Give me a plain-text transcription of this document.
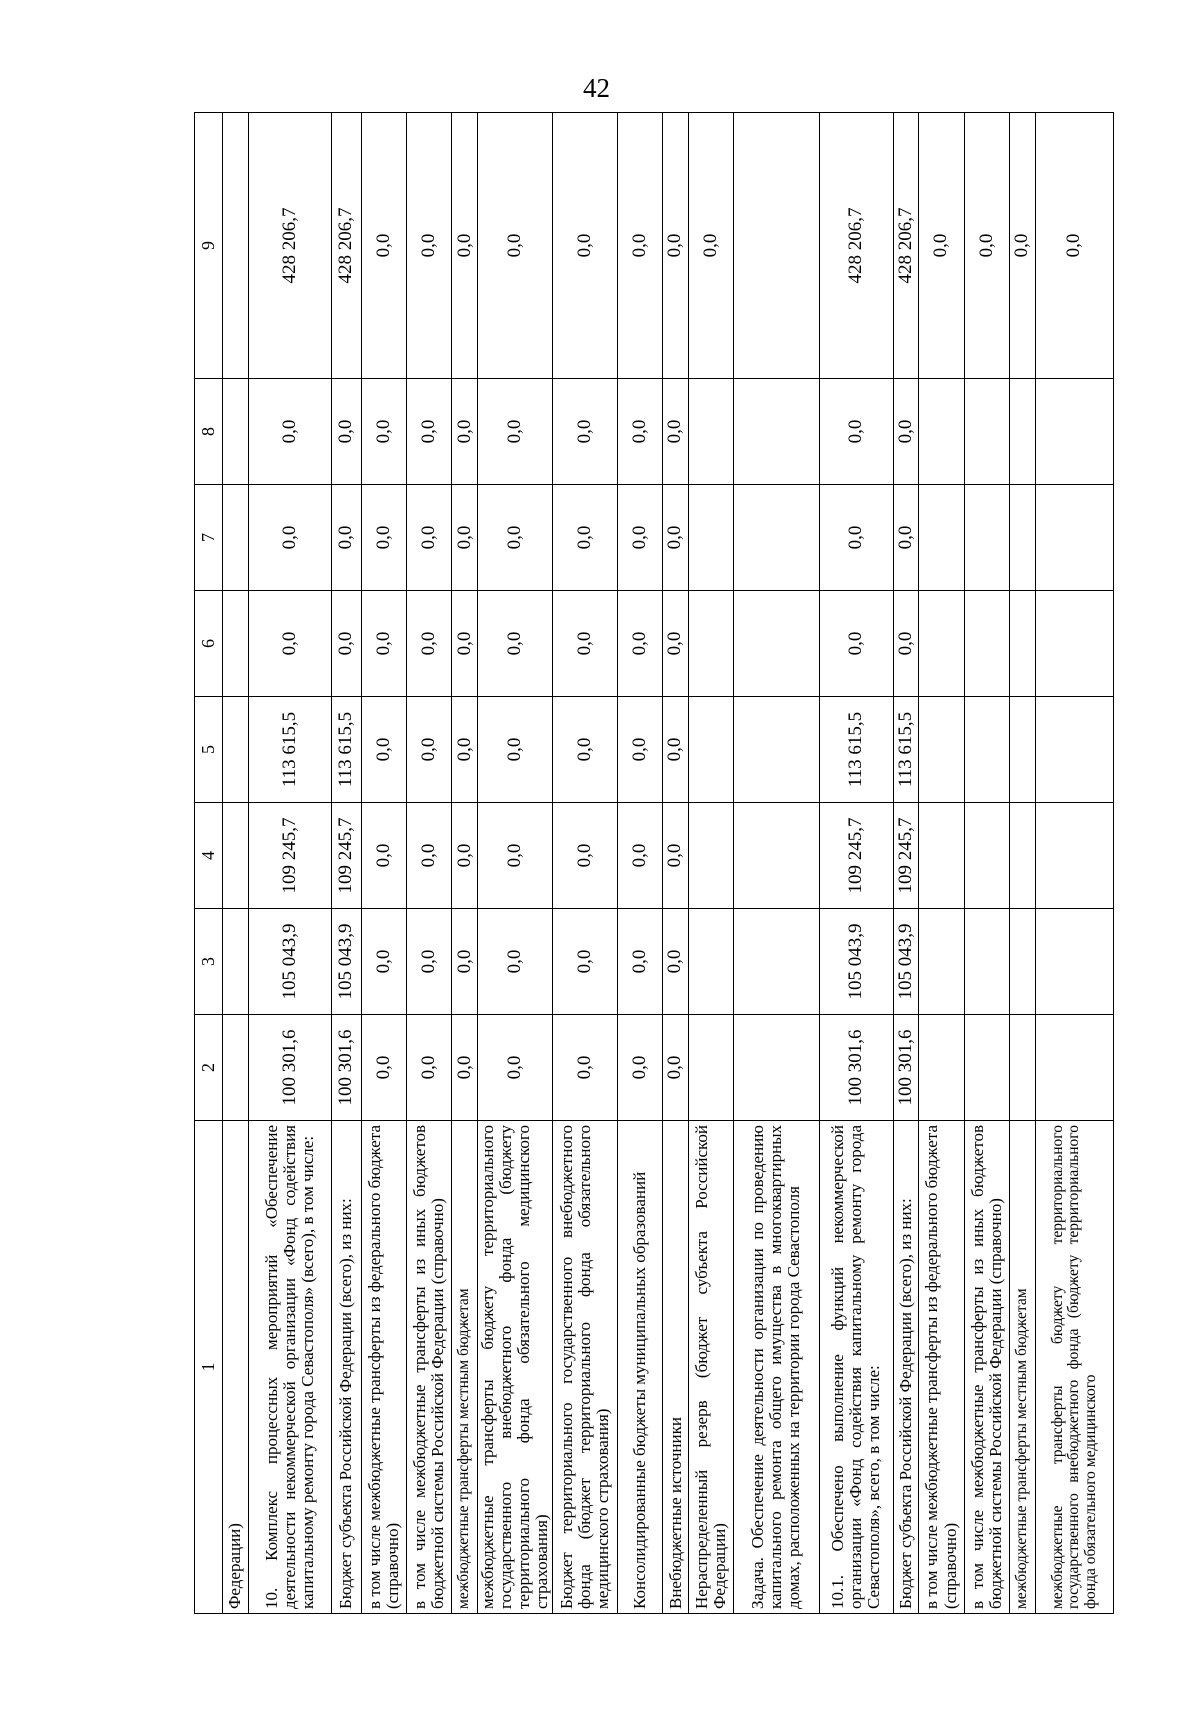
42
1	2	3	4	5	6	7	8	9
Федерации)								
10. Комплекс процессных мероприятий «Обеспечение деятельности некоммерческой организации «Фонд содействия капитальному ремонту города Севастополя» (всего), в том числе:	100 301,6	105 043,9	109 245,7	113 615,5	0,0	0,0	0,0	428 206,7
Бюджет субъекта Российской Федерации (всего), из них:	100 301,6	105 043,9	109 245,7	113 615,5	0,0	0,0	0,0	428 206,7
в том числе межбюджетные трансферты из федерального бюджета (справочно)	0,0	0,0	0,0	0,0	0,0	0,0	0,0	0,0
в том числе межбюджетные трансферты из иных бюджетов бюджетной системы Российской Федерации (справочно)	0,0	0,0	0,0	0,0	0,0	0,0	0,0	0,0
межбюджетные трансферты местным бюджетам	0,0	0,0	0,0	0,0	0,0	0,0	0,0	0,0
межбюджетные трансферты бюджету территориального государственного внебюджетного фонда (бюджету территориального фонда обязательного медицинского страхования)	0,0	0,0	0,0	0,0	0,0	0,0	0,0	0,0
Бюджет территориального государственного внебюджетного фонда (бюджет территориального фонда обязательного медицинского страхования)	0,0	0,0	0,0	0,0	0,0	0,0	0,0	0,0
Консолидированные бюджеты муниципальных образований	0,0	0,0	0,0	0,0	0,0	0,0	0,0	0,0
Внебюджетные источники	0,0	0,0	0,0	0,0	0,0	0,0	0,0	0,0
Нераспределенный резерв (бюджет субъекта Российской Федерации)								0,0
Задача. Обеспечение деятельности организации по проведению капитального ремонта общего имущества в многоквартирных домах, расположенных на территории города Севастополя								
10.1. Обеспечено выполнение функций некоммерческой организации «Фонд содействия капитальному ремонту города Севастополя», всего, в том числе:	100 301,6	105 043,9	109 245,7	113 615,5	0,0	0,0	0,0	428 206,7
Бюджет субъекта Российской Федерации (всего), из них:	100 301,6	105 043,9	109 245,7	113 615,5	0,0	0,0	0,0	428 206,7
в том числе межбюджетные трансферты из федерального бюджета (справочно)								0,0
в том числе межбюджетные трансферты из иных бюджетов бюджетной системы Российской Федерации (справочно)								0,0
межбюджетные трансферты местным бюджетам								0,0
межбюджетные трансферты бюджету территориального государственного внебюджетного фонда (бюджету территориального фонда обязательного медицинского								0,0
